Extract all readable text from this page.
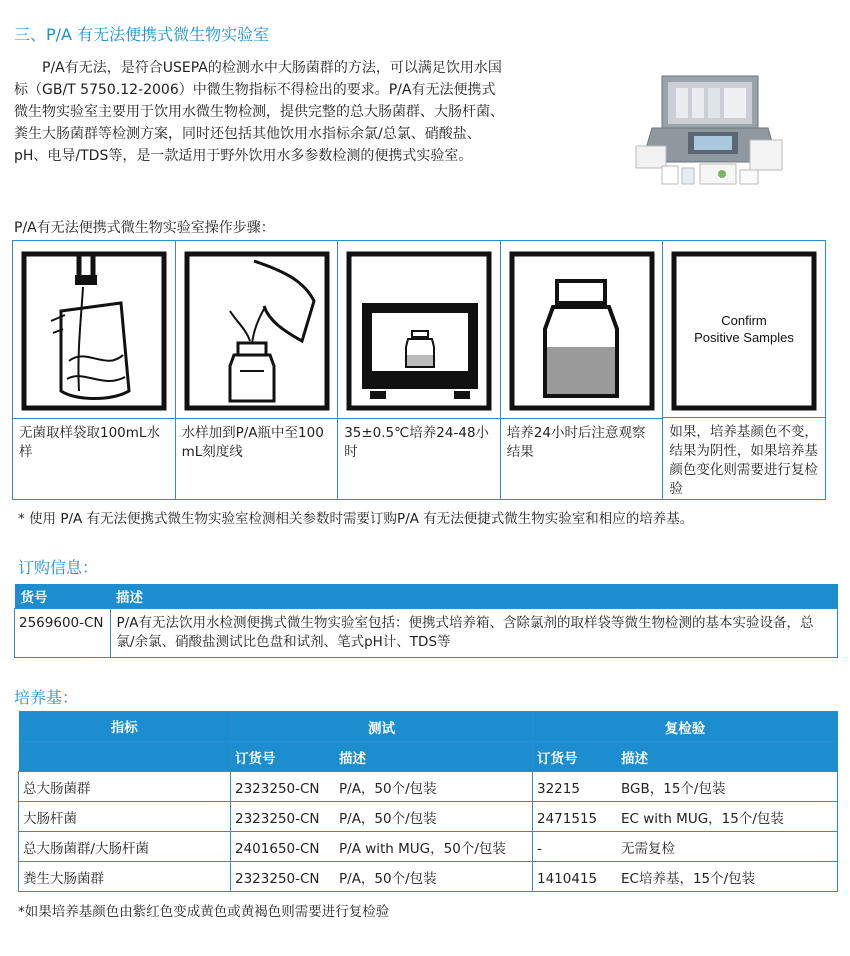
三、P/A 有无法便携式微生物实验室

P/A有无法，是符合USEPA的检测水中大肠菌群的方法，可以满足饮用水国标（GB/T 5750.12-2006）中微生物指标不得检出的要求。P/A有无法便携式微生物实验室主要用于饮用水微生物检测，提供完整的总大肠菌群、大肠杆菌、粪生大肠菌群等检测方案，同时还包括其他饮用水指标余氯/总氯、硝酸盐、pH、电导/TDS等，是一款适用于野外饮用水多参数检测的便携式实验室。

P/A有无法便携式微生物实验室操作步骤：
无菌取样袋取100mL水样
水样加到P/A瓶中至100 mL刻度线
35±0.5℃培养24-48小时
培养24小时后注意观察结果
Confirm
Positive Samples
如果，培养基颜色不变，结果为阴性，如果培养基颜色变化则需要进行复检验
* 使用 P/A 有无法便携式微生物实验室检测相关参数时需要订购P/A 有无法便捷式微生物实验室和相应的培养基。
订购信息：
货号	描述
2569600-CN	P/A有无法饮用水检测便携式微生物实验室包括：便携式培养箱、含除氯剂的取样袋等微生物检测的基本实验设备，总氯/余氯、硝酸盐测试比色盘和试剂、笔式pH计、TDS等
培养基：
指标	测试	复检验
	订货号 描述	订货号 描述
总大肠菌群	2323250-CN P/A，50个/包装	32215 BGB，15个/包装
大肠杆菌	2323250-CN P/A，50个/包装	2471515 EC with MUG，15个/包装
总大肠菌群/大肠杆菌	2401650-CN P/A with MUG，50个/包装	- 无需复检
粪生大肠菌群	2323250-CN P/A，50个/包装	1410415 EC培养基，15个/包装
*如果培养基颜色由紫红色变成黄色或黄褐色则需要进行复检验
